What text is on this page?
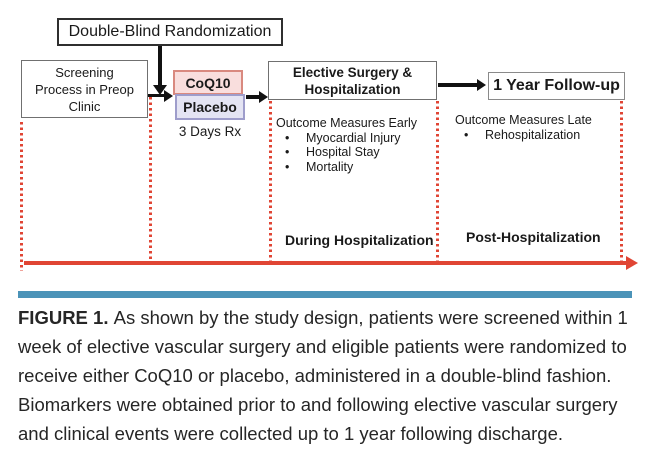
Double-Blind Randomization
Screening
Process in Preop
Clinic
CoQ10
Placebo
Elective Surgery &
Hospitalization	1 Year Follow-up
3 Days Rx
Outcome Measures Early
• Myocardial Injury
• Hospital Stay
• Mortality
Outcome Measures Late
• Rehospitalization
During Hospitalization Post-Hospitalization

FIGURE 1. As shown by the study design, patients were screened within 1 week of elective vascular surgery and eligible patients were randomized to receive either CoQ10 or placebo, administered in a double-blind fashion. Biomarkers were obtained prior to and following elective vascular surgery and clinical events were collected up to 1 year following discharge.
